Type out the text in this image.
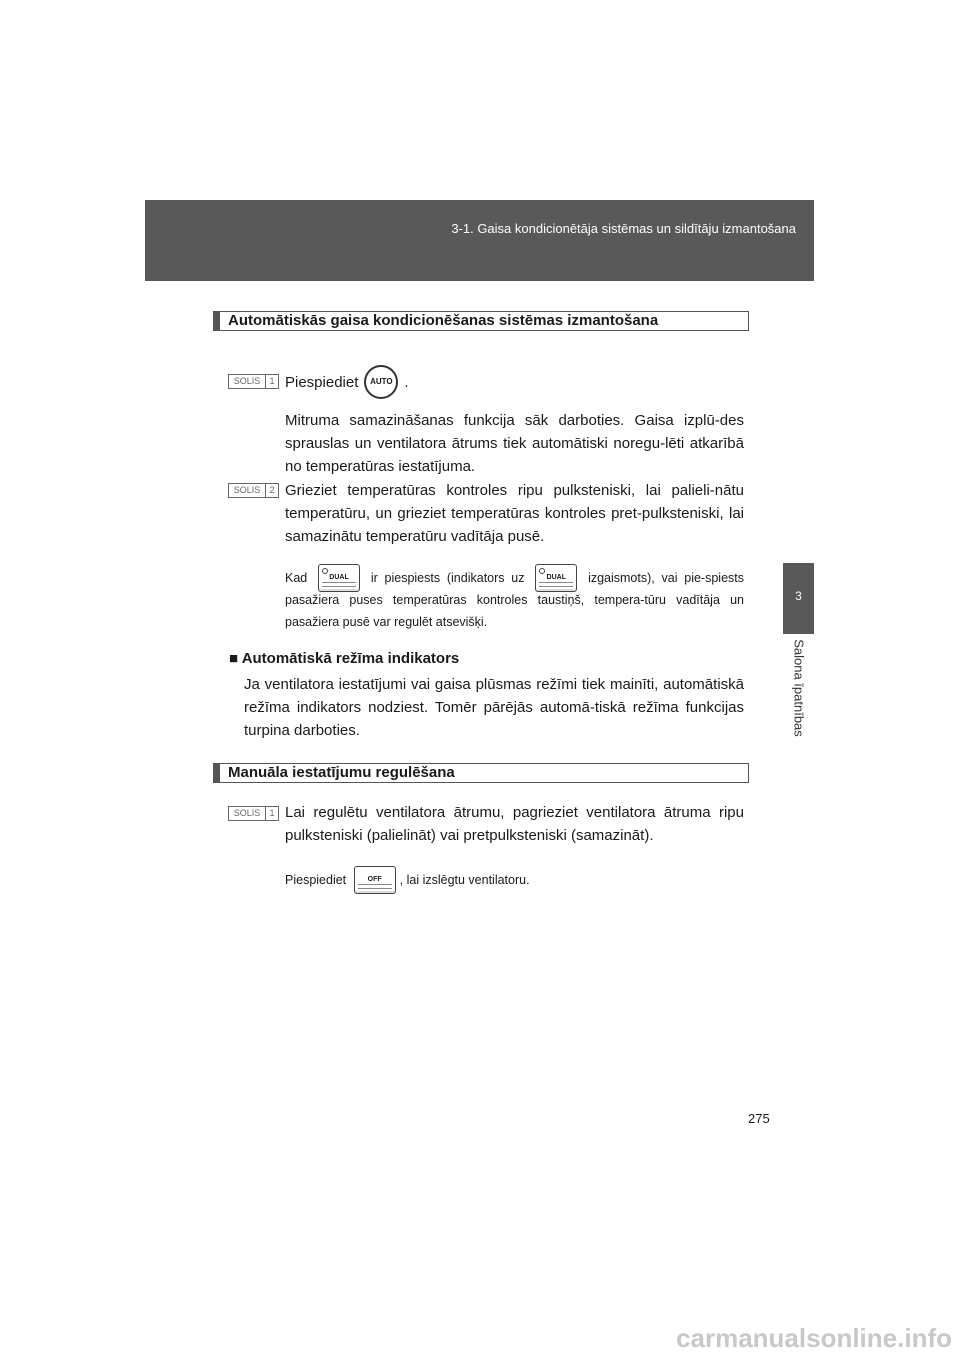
3-1. Gaisa kondicionētāja sistēmas un sildītāju izmantošana
3
Salona īpatnības
Automātiskās gaisa kondicionēšanas sistēmas izmantošana
SOLIS	1 Piespiediet AUTO .
Mitruma samazināšanas funkcija sāk darboties. Gaisa izplū-des sprauslas un ventilatora ātrums tiek automātiski noregu-lēti atkarībā no temperatūras iestatījuma.
SOLIS	2 Grieziet temperatūras kontroles ripu pulksteniski, lai palieli-nātu temperatūru, un grieziet temperatūras kontroles pret-pulksteniski, lai samazinātu temperatūru vadītāja pusē.
Kad	DUAL	ir piespiests (indikators uz	DUAL	izgaismots), vai pie-spiests pasažiera puses temperatūras kontroles taustiņš, tempera-tūru vadītāja un pasažiera pusē var regulēt atsevišķi.
■ Automātiskā režīma indikators
Ja ventilatora iestatījumi vai gaisa plūsmas režīmi tiek mainīti, automātiskā režīma indikators nodziest. Tomēr pārējās automā-tiskā režīma funkcijas turpina darboties.
Manuāla iestatījumu regulēšana
SOLIS	1 Lai regulētu ventilatora ātrumu, pagrieziet ventilatora ātruma ripu pulksteniski (palielināt) vai pretpulksteniski (samazināt).
Piespiediet	OFF	, lai izslēgtu ventilatoru.
275
carmanualsonline.info
